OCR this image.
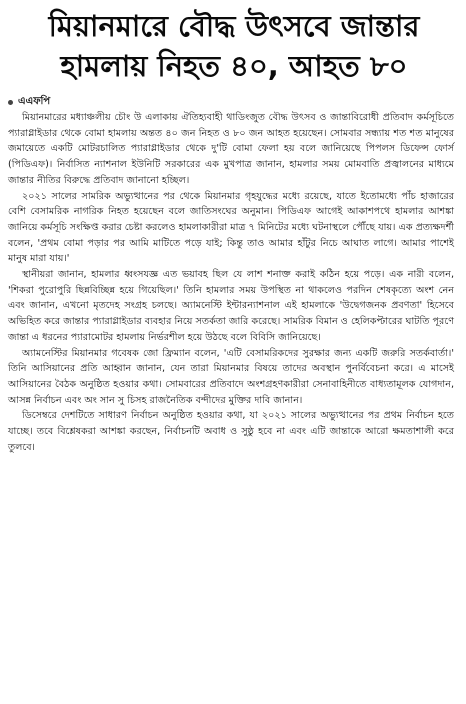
মিয়ানমারে বৌদ্ধ উৎসবে জান্তার
হামলায় নিহত ৪০, আহত ৮০
এএফপি

মিয়ানমারের মধ্যাঞ্চলীয় চৌং উ এলাকায় ঐতিহ্যবাহী থাডিংজুত বৌদ্ধ উৎসব ও জান্তাবিরোধী প্রতিবাদ কর্মসূচিতে প্যারাগ্লাইডার থেকে বোমা হামলায় অন্তত ৪০ জন নিহত ও ৮০ জন আহত হয়েছেন। সোমবার সন্ধ্যায় শত শত মানুষের জমায়েতে একটি মোটরচালিত প্যারাগ্লাইডার থেকে দু'টি বোমা ফেলা হয় বলে জানিয়েছে পিপলস ডিফেন্স ফোর্স (পিডিএফ)। নির্বাসিত ন্যাশনাল ইউনিটি সরকারের এক মুখপাত্র জানান, হামলার সময় মোমবাতি প্রজ্বালনের মাধ্যমে জান্তার নীতির বিরুদ্ধে প্রতিবাদ জানানো হচ্ছিল।

২০২১ সালের সামরিক অভ্যুত্থানের পর থেকে মিয়ানমার গৃহযুদ্ধের মধ্যে রয়েছে, যাতে ইতোমধ্যে পাঁচ হাজারের বেশি বেসামরিক নাগরিক নিহত হয়েছেন বলে জাতিসংঘের অনুমান। পিডিএফ আগেই আকাশপথে হামলার আশঙ্কা জানিয়ে কর্মসূচি সংক্ষিপ্ত করার চেষ্টা করলেও হামলাকারীরা মাত্র ৭ মিনিটের মধ্যে ঘটনাস্থলে পৌঁছে যায়। এক প্রত্যক্ষদর্শী বলেন, 'প্রথম বোমা পড়ার পর আমি মাটিতে পড়ে যাই; কিন্তু তাও আমার হাঁটুর নিচে আঘাত লাগে। আমার পাশেই মানুষ মারা যায়।'

স্থানীয়রা জানান, হামলার ধ্বংসযজ্ঞ এত ভয়াবহ ছিল যে লাশ শনাক্ত করাই কঠিন হয়ে পড়ে। এক নারী বলেন, 'শিকরা পুরোপুরি ছিন্নবিচ্ছিন্ন হয়ে গিয়েছিল।' তিনি হামলার সময় উপস্থিত না থাকলেও পরদিন শেষকৃত্যে অংশ নেন এবং জানান, এখনো মৃতদেহ সংগ্রহ চলছে। অ্যামনেস্টি ইন্টারন্যাশনাল এই হামলাকে 'উদ্বেগজনক প্রবণতা' হিসেবে অভিহিত করে জান্তার প্যারাগ্লাইডার ব্যবহার নিয়ে সতর্কতা জারি করেছে। সামরিক বিমান ও হেলিকপ্টারের ঘাটতি পূরণে জান্তা এ ধরনের প্যারামোটর হামলায় নির্ভরশীল হয়ে উঠছে বলে বিবিসি জানিয়েছে।

অ্যামনেস্টির মিয়ানমার গবেষক জো ফ্রিম্যান বলেন, 'এটি বেসামরিকদের সুরক্ষার জন্য একটি জরুরি সতর্কবার্তা।' তিনি আসিয়ানের প্রতি আহ্বান জানান, যেন তারা মিয়ানমার বিষয়ে তাদের অবস্থান পুনর্বিবেচনা করে। এ মাসেই আসিয়ানের বৈঠক অনুষ্ঠিত হওয়ার কথা। সোমবারের প্রতিবাদে অংশগ্রহণকারীরা সেনাবাহিনীতে বাধ্যতামূলক যোগদান, আসন্ন নির্বাচন এবং অং সান সু চিসহ রাজনৈতিক বন্দীদের মুক্তির দাবি জানান।

ডিসেম্বরে দেশটিতে সাধারণ নির্বাচন অনুষ্ঠিত হওয়ার কথা, যা ২০২১ সালের অভ্যুত্থানের পর প্রথম নির্বাচন হতে যাচ্ছে। তবে বিশ্লেষকরা আশঙ্কা করছেন, নির্বাচনটি অবাধ ও সুষ্ঠু হবে না এবং এটি জান্তাকে আরো ক্ষমতাশালী করে তুলবে।
